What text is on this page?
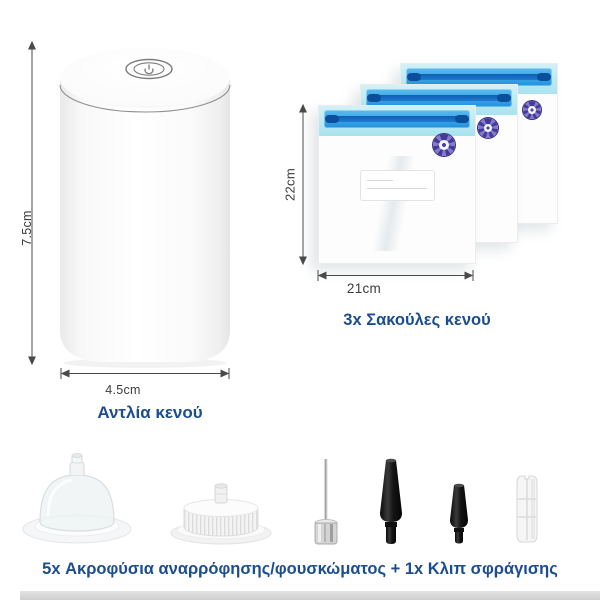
7.5cm
4.5cm
Αντλία κενού
22cm
21cm
3x Σακούλες κενού
5x Ακροφύσια αναρρόφησης/φουσκώματος + 1x Κλιπ σφράγισης
